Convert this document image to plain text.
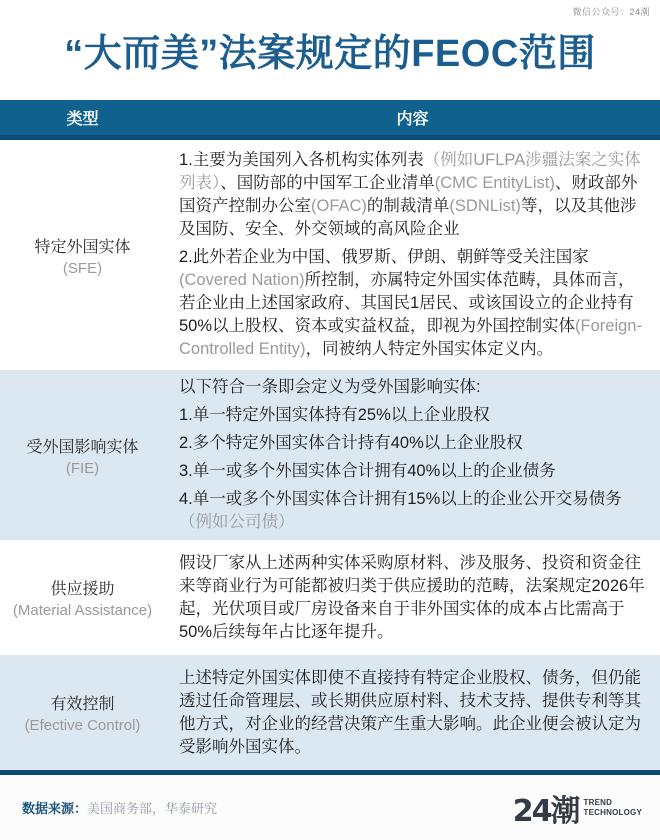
微信公众号：24潮
“大而美”法案规定的FEOC范围
类型	内容
特定外国实体
(SFE)
1.主要为美国列入各机构实体列表（例如UFLPA涉疆法案之实体列表）、国防部的中国军工企业清单(CMC EntityList)、财政部外国资产控制办公室(OFAC)的制裁清单(SDNList)等，以及其他涉及国防、安全、外交领域的高风险企业
2.此外若企业为中国、俄罗斯、伊朗、朝鲜等受关注国家(Covered Nation)所控制，亦属特定外国实体范畴，具体而言，若企业由上述国家政府、其国民1居民、或该国设立的企业持有50%以上股权、资本或实益权益，即视为外国控制实体(Foreign-Controlled Entity)，同被纳人特定外国实体定义内。
受外国影响实体
(FIE)
以下符合一条即会定义为受外国影响实体:
1.单一特定外国实体持有25%以上企业股权
2.多个特定外国实体合计持有40%以上企业股权
3.单一或多个外国实体合计拥有40%以上的企业债务
4.单一或多个外国实体合计拥有15%以上的企业公开交易债务（例如公司债）
供应援助
(Material Assistance)
假设厂家从上述两种实体采购原材料、涉及服务、投资和资金往来等商业行为可能都被归类于供应援助的范畴，法案规定2026年起，光伏项目或厂房设备来自于非外国实体的成本占比需高于50%后续每年占比逐年提升。
有效控制
(Efective Control)
上述特定外国实体即使不直接持有特定企业股权、债务，但仍能透过任命管理层、或长期供应原村料、技术支持、提供专利等其他方式，对企业的经营决策产生重大影响。此企业便会被认定为受影响外国实体。
数据来源：美国商务部，华泰研究	24潮 TREND
TECHNOLOGY
